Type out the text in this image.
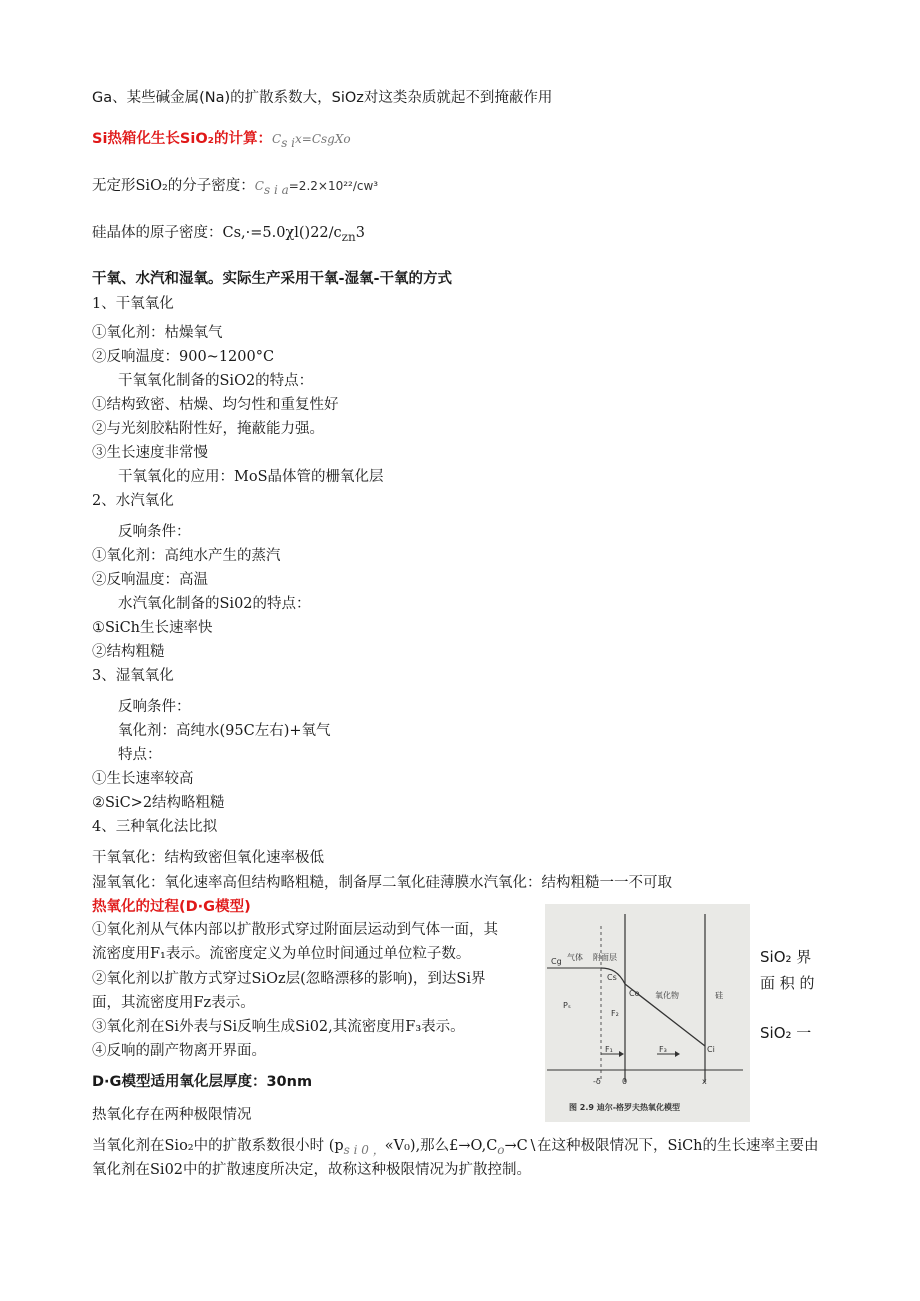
Ga、某些碱金属(Na)的扩散系数大，SiOz对这类杂质就起不到掩蔽作用
Si热箱化生长SiO₂的计算：$C_{s i}x=CsgXo$
无定形SiO₂的分子密度：$C_{s i a}=2.2\times 10^{22}∕cw^3$
硅晶体的原子密度：$Cs,\cdot=5.0\chi l()22∕c_{zn}3$
干氧、水汽和湿氧。实际生产采用干氧-湿氧-干氧的方式
1、干氧氧化
①氧化剂：枯燥氧气
②反响温度：900~1200°C
干氧氧化制备的SiO2的特点：
①结构致密、枯燥、均匀性和重复性好
②与光刻胶粘附性好，掩蔽能力强。
③生长速度非常慢
干氧氧化的应用：MoS晶体管的栅氧化层
2、水汽氧化
反响条件：
①氧化剂：高纯水产生的蒸汽
②反响温度：高温
水汽氧化制备的Si02的特点：
①SiCh生长速率快
②结构粗糙
3、湿氧氧化
反响条件：
氧化剂：高纯水(95C左右)+氧气
特点：
①生长速率较高
②SiC>2结构略粗糙
4、三种氧化法比拟
干氧氧化：结构致密但氧化速率极低
湿氧氧化：氧化速率高但结构略粗糙，制备厚二氧化硅薄膜水汽氧化：结构粗糙一一不可取
热氧化的过程(D·G模型)
①氧化剂从气体内部以扩散形式穿过附面层运动到气体一面，其
流密度用F₁表示。流密度定义为单位时间通过单位粒子数。
②氧化剂以扩散方式穿过SiOz层(忽略漂移的影响)，到达Si界
面，其流密度用Fz表示。
③氧化剂在Si外表与Si反响生成Si02,其流密度用F₃表示。
④反响的副产物离开界面。
D·G模型适用氧化层厚度：30nm
热氧化存在两种极限情况
当氧化剂在Sio₂中的扩散系数很小时 $(p_{s i 0 ,}«V_0)$,那么$£\to O,C_o\to C∖$在这种极限情况下，SiCh的生长速率主要由
氧化剂在Si02中的扩散速度所决定，故称这种极限情况为扩散控制。
SiO₂ 界
面 积 的
SiO₂ 一
Cg 气体 附面层
Cs
Co 氧化物	硅
Ci
Pₛ
F₁
F₂
F₃
-δ	0	x
图 2.9 迪尔-格罗夫热氧化模型
